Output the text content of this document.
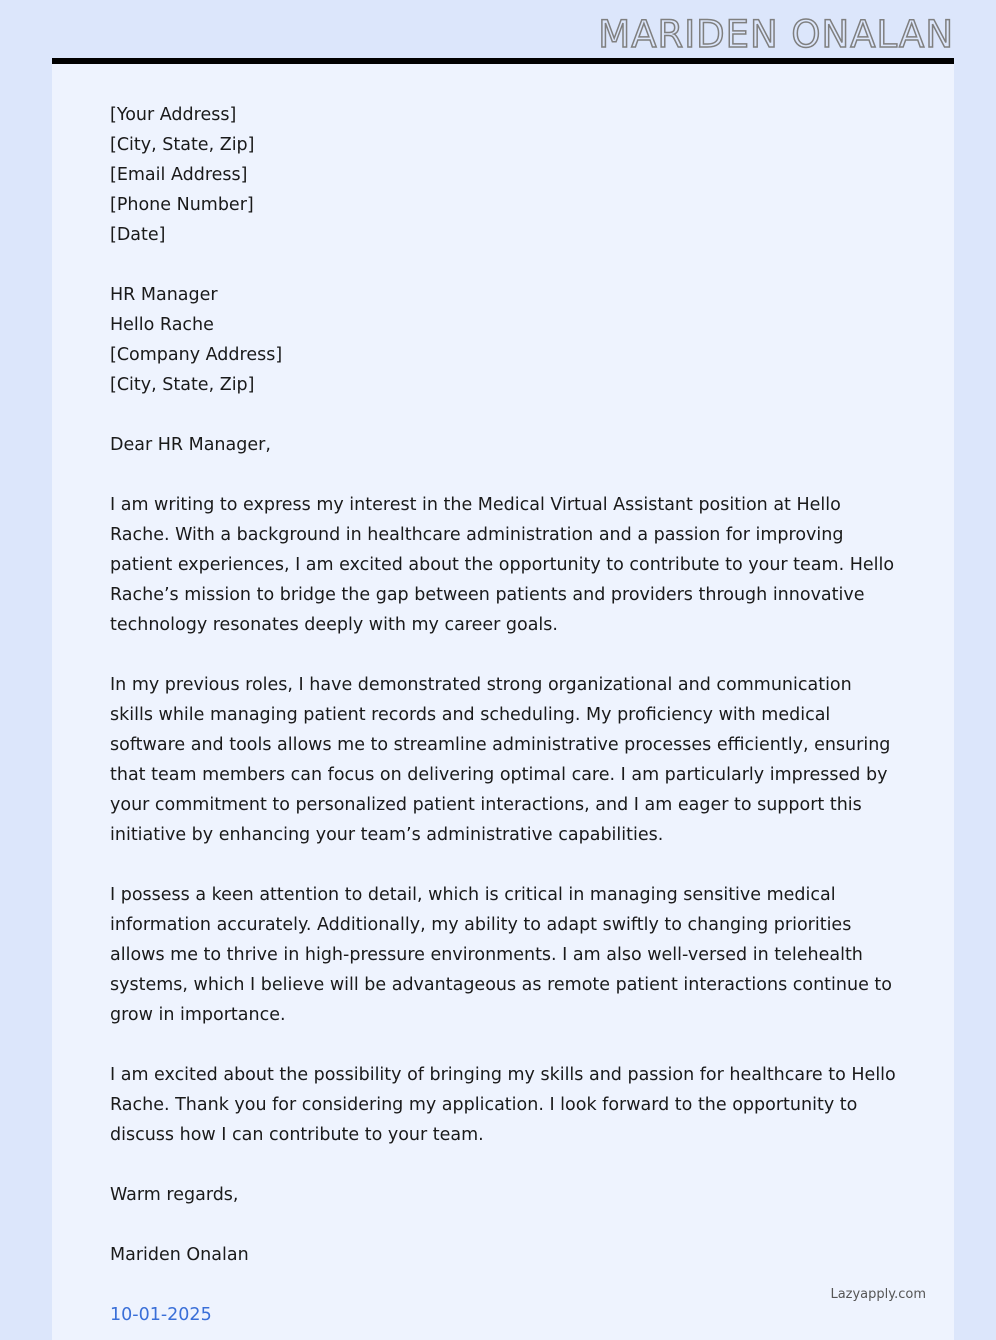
MARIDEN ONALAN
[Your Address]
[City, State, Zip]
[Email Address]
[Phone Number]
[Date]
HR Manager
Hello Rache
[Company Address]
[City, State, Zip]

Dear HR Manager,

I am writing to express my interest in the Medical Virtual Assistant position at Hello Rache. With a background in healthcare administration and a passion for improving patient experiences, I am excited about the opportunity to contribute to your team. Hello Rache’s mission to bridge the gap between patients and providers through innovative technology resonates deeply with my career goals.

In my previous roles, I have demonstrated strong organizational and communication skills while managing patient records and scheduling. My proficiency with medical software and tools allows me to streamline administrative processes efficiently, ensuring that team members can focus on delivering optimal care. I am particularly impressed by your commitment to personalized patient interactions, and I am eager to support this initiative by enhancing your team’s administrative capabilities.

I possess a keen attention to detail, which is critical in managing sensitive medical information accurately. Additionally, my ability to adapt swiftly to changing priorities allows me to thrive in high-pressure environments. I am also well-versed in telehealth systems, which I believe will be advantageous as remote patient interactions continue to grow in importance.

I am excited about the possibility of bringing my skills and passion for healthcare to Hello Rache. Thank you for considering my application. I look forward to the opportunity to discuss how I can contribute to your team.

Warm regards,

Mariden Onalan
10-01-2025
Lazyapply.com
